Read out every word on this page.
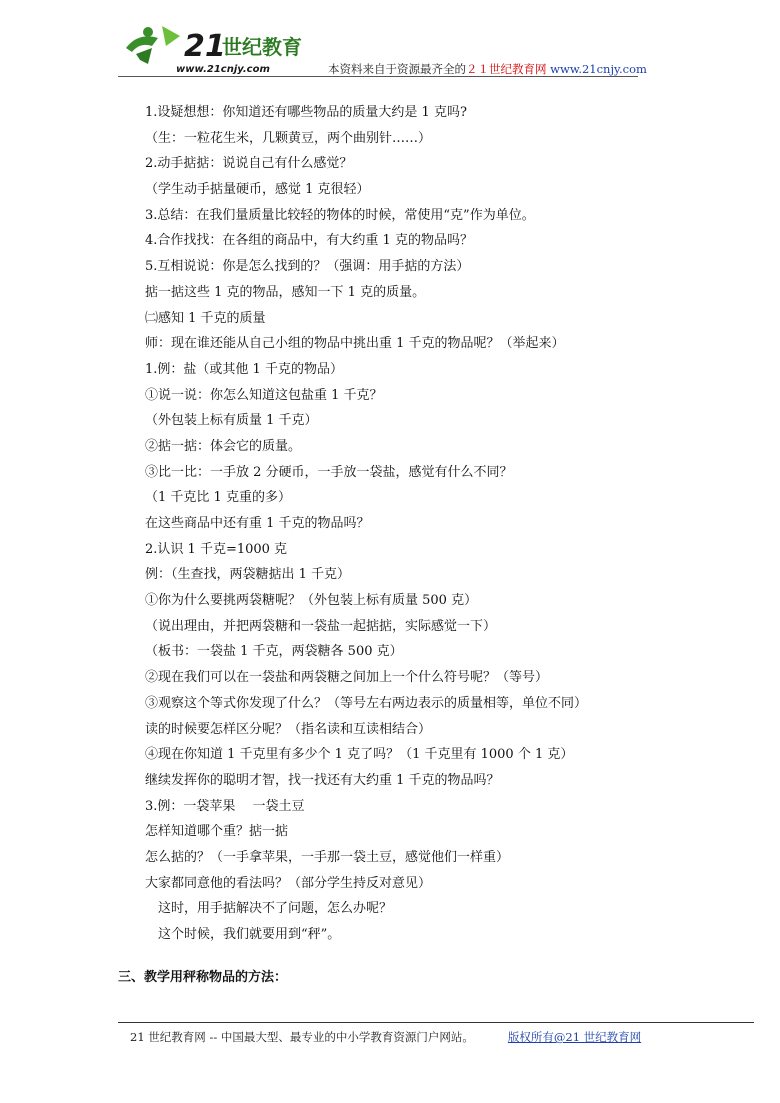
21
世纪教育
www.21cnjy.com	本资料来自于资源最齐全的２１世纪教育网 www.21cnjy.com
1.设疑想想：你知道还有哪些物品的质量大约是 1 克吗?
（生：一粒花生米，几颗黄豆，两个曲别针……）
2.动手掂掂：说说自己有什么感觉？
（学生动手掂量硬币，感觉 1 克很轻）
3.总结：在我们量质量比较轻的物体的时候，常使用“克”作为单位。
4.合作找找：在各组的商品中，有大约重 1 克的物品吗？
5.互相说说：你是怎么找到的？（强调：用手掂的方法）
掂一掂这些 1 克的物品，感知一下 1 克的质量。
㈡感知 1 千克的质量
师：现在谁还能从自己小组的物品中挑出重 1 千克的物品呢？（举起来）
1.例：盐（或其他 1 千克的物品）
①说一说：你怎么知道这包盐重 1 千克？
（外包装上标有质量 1 千克）
②掂一掂：体会它的质量。
③比一比：一手放 2 分硬币，一手放一袋盐，感觉有什么不同？
（1 千克比 1 克重的多）
在这些商品中还有重 1 千克的物品吗？
2.认识 1 千克=1000 克
例：（生查找，两袋糖掂出 1 千克）
①你为什么要挑两袋糖呢？（外包装上标有质量 500 克）
（说出理由，并把两袋糖和一袋盐一起掂掂，实际感觉一下）
（板书：一袋盐 1 千克，两袋糖各 500 克）
②现在我们可以在一袋盐和两袋糖之间加上一个什么符号呢？（等号）
③观察这个等式你发现了什么？（等号左右两边表示的质量相等，单位不同）
读的时候要怎样区分呢？（指名读和互读相结合）
④现在你知道 1 千克里有多少个 1 克了吗？（1 千克里有 1000 个 1 克）
继续发挥你的聪明才智，找一找还有大约重 1 千克的物品吗？
3.例：一袋苹果　 一袋土豆
怎样知道哪个重？掂一掂
怎么掂的？（一手拿苹果，一手那一袋土豆，感觉他们一样重）
大家都同意他的看法吗？（部分学生持反对意见）
　这时，用手掂解决不了问题，怎么办呢？
　这个时候，我们就要用到“秤”。
三、教学用秤称物品的方法：
21 世纪教育网 -- 中国最大型、最专业的中小学教育资源门户网站。	版权所有@21 世纪教育网
